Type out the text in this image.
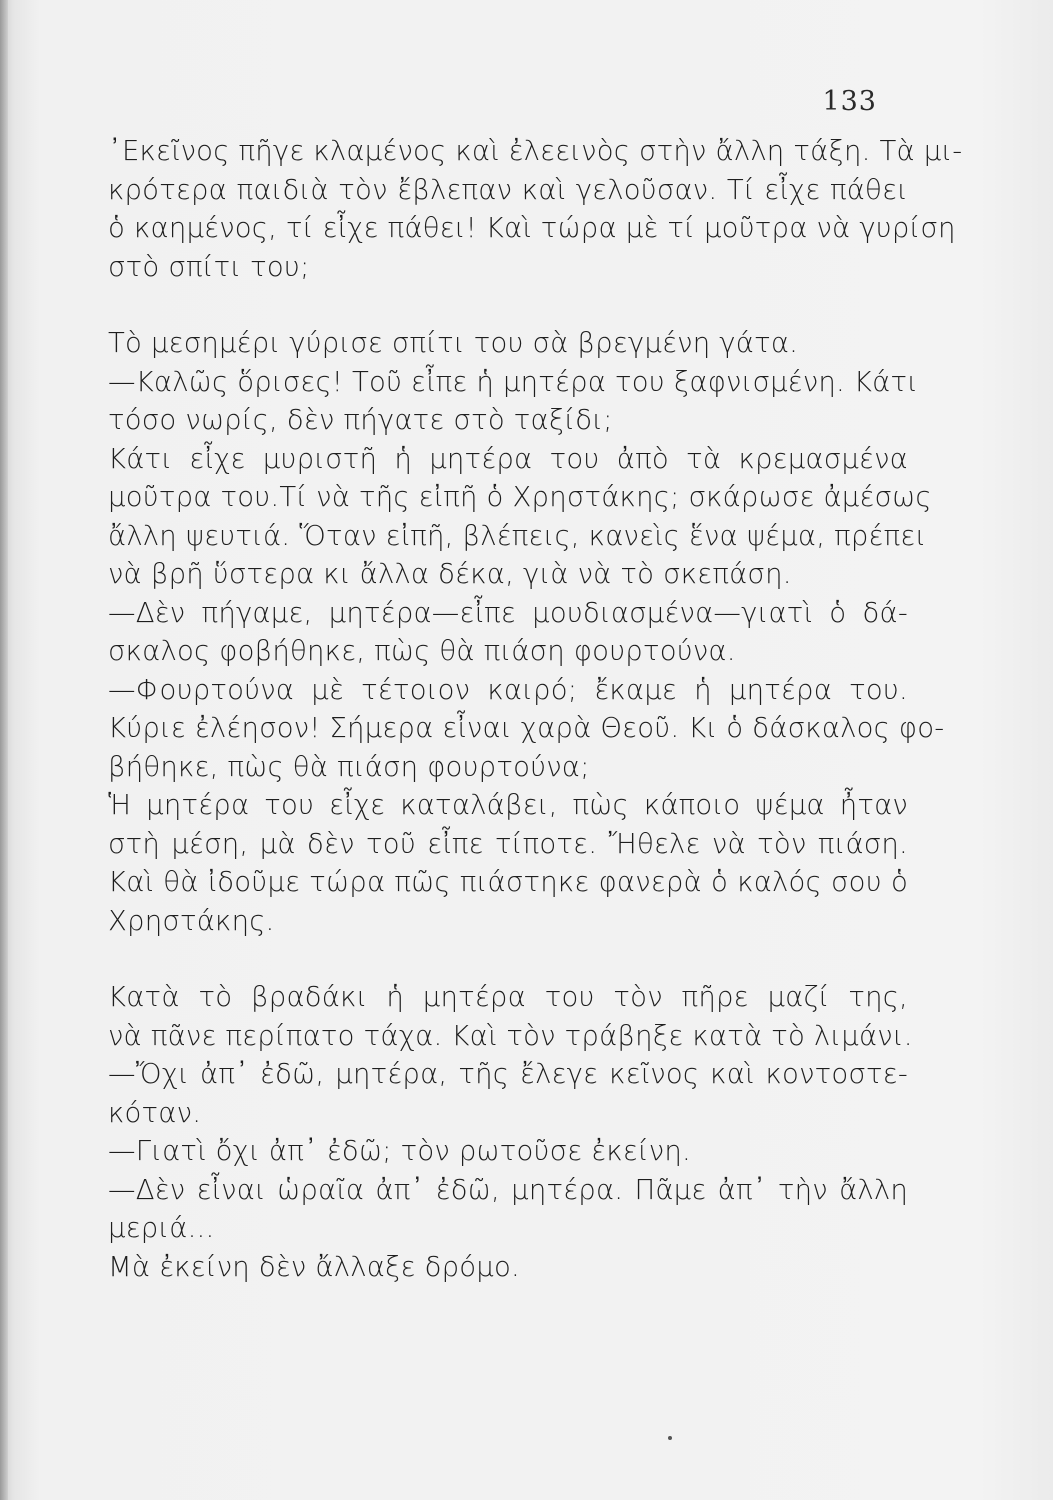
133
᾽Εκεῖνος πῆγε κλαμένος καὶ ἐλεεινὸς στὴν ἄλλη τάξη. Τὰ μι-
κρότερα παιδιὰ τὸν ἔβλεπαν καὶ γελοῦσαν. Τί εἶχε πάθει
ὁ καημένος, τί εἶχε πάθει! Καὶ τώρα μὲ τί μοῦτρα νὰ γυρίση
στὸ σπίτι του;
Τὸ μεσημέρι γύρισε σπίτι του σὰ βρεγμένη γάτα.
—Καλῶς ὅρισες! Τοῦ εἶπε ἡ μητέρα του ξαφνισμένη. Κάτι
τόσο νωρίς, δὲν πήγατε στὸ ταξίδι;
Κάτι εἶχε μυριστῆ ἡ μητέρα του ἀπὸ τὰ κρεμασμένα
μοῦτρα του.Τί νὰ τῆς εἰπῆ ὁ Χρηστάκης; σκάρωσε ἀμέσως
ἄλλη ψευτιά. Ὅταν εἰπῆ, βλέπεις, κανεὶς ἕνα ψέμα, πρέπει
νὰ βρῆ ὕστερα κι ἄλλα δέκα, γιὰ νὰ τὸ σκεπάση.
—Δὲν πήγαμε, μητέρα—εἶπε μουδιασμένα—γιατὶ ὁ δά-
σκαλος φοβήθηκε, πὼς θὰ πιάση φουρτούνα.
—Φουρτούνα μὲ τέτοιον καιρό; ἔκαμε ἡ μητέρα του.
Κύριε ἐλέησον! Σήμερα εἶναι χαρὰ Θεοῦ. Κι ὁ δάσκαλος φο-
βήθηκε, πὼς θὰ πιάση φουρτούνα;
Ἡ μητέρα του εἶχε καταλάβει, πὼς κάποιο ψέμα ἦταν
στὴ μέση, μὰ δὲν τοῦ εἶπε τίποτε. Ἤθελε νὰ τὸν πιάση.
Καὶ θὰ ἰδοῦμε τώρα πῶς πιάστηκε φανερὰ ὁ καλός σου ὁ
Χρηστάκης.
Κατὰ τὸ βραδάκι ἡ μητέρα του τὸν πῆρε μαζί της,
νὰ πᾶνε περίπατο τάχα. Καὶ τὸν τράβηξε κατὰ τὸ λιμάνι.
—Ὄχι ἀπ᾽ ἐδῶ, μητέρα, τῆς ἔλεγε κεῖνος καὶ κοντοστε-
κόταν.
—Γιατὶ ὄχι ἀπ᾽ ἐδῶ; τὸν ρωτοῦσε ἐκείνη.
—Δὲν εἶναι ὡραῖα ἀπ᾽ ἐδῶ, μητέρα. Πᾶμε ἀπ᾽ τὴν ἄλλη
μεριά...
Μὰ ἐκείνη δὲν ἄλλαξε δρόμο.
